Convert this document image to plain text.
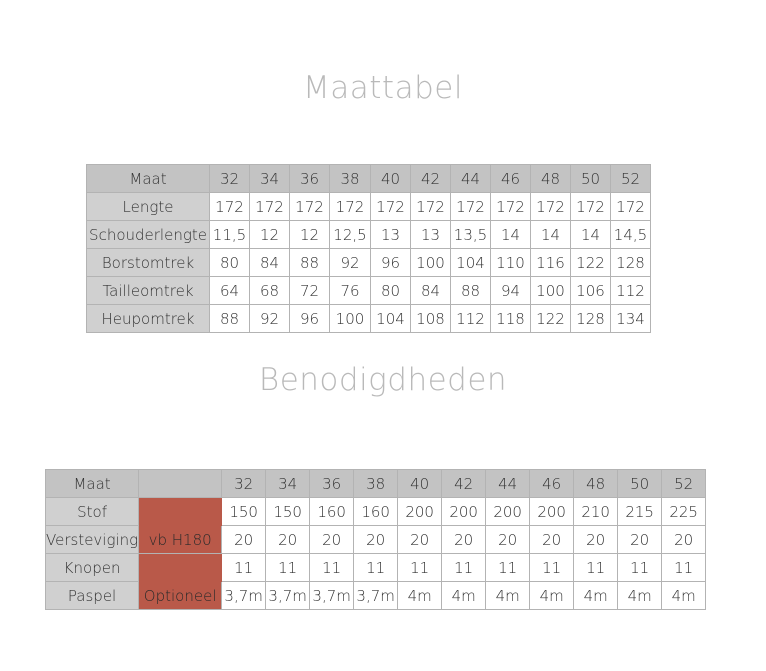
Maattabel
Maat	32	34	36	38	40	42	44	46	48	50	52
Lengte	172	172	172	172	172	172	172	172	172	172	172
Schouderlengte	11,5	12	12	12,5	13	13	13,5	14	14	14	14,5
Borstomtrek	80	84	88	92	96	100	104	110	116	122	128
Tailleomtrek	64	68	72	76	80	84	88	94	100	106	112
Heupomtrek	88	92	96	100	104	108	112	118	122	128	134
Benodigdheden
Maat		32	34	36	38	40	42	44	46	48	50	52
Stof		150	150	160	160	200	200	200	200	210	215	225
Versteviging	vb H180	20	20	20	20	20	20	20	20	20	20	20
Knopen		11	11	11	11	11	11	11	11	11	11	11
Paspel	Optioneel	3,7m	3,7m	3,7m	3,7m	4m	4m	4m	4m	4m	4m	4m
